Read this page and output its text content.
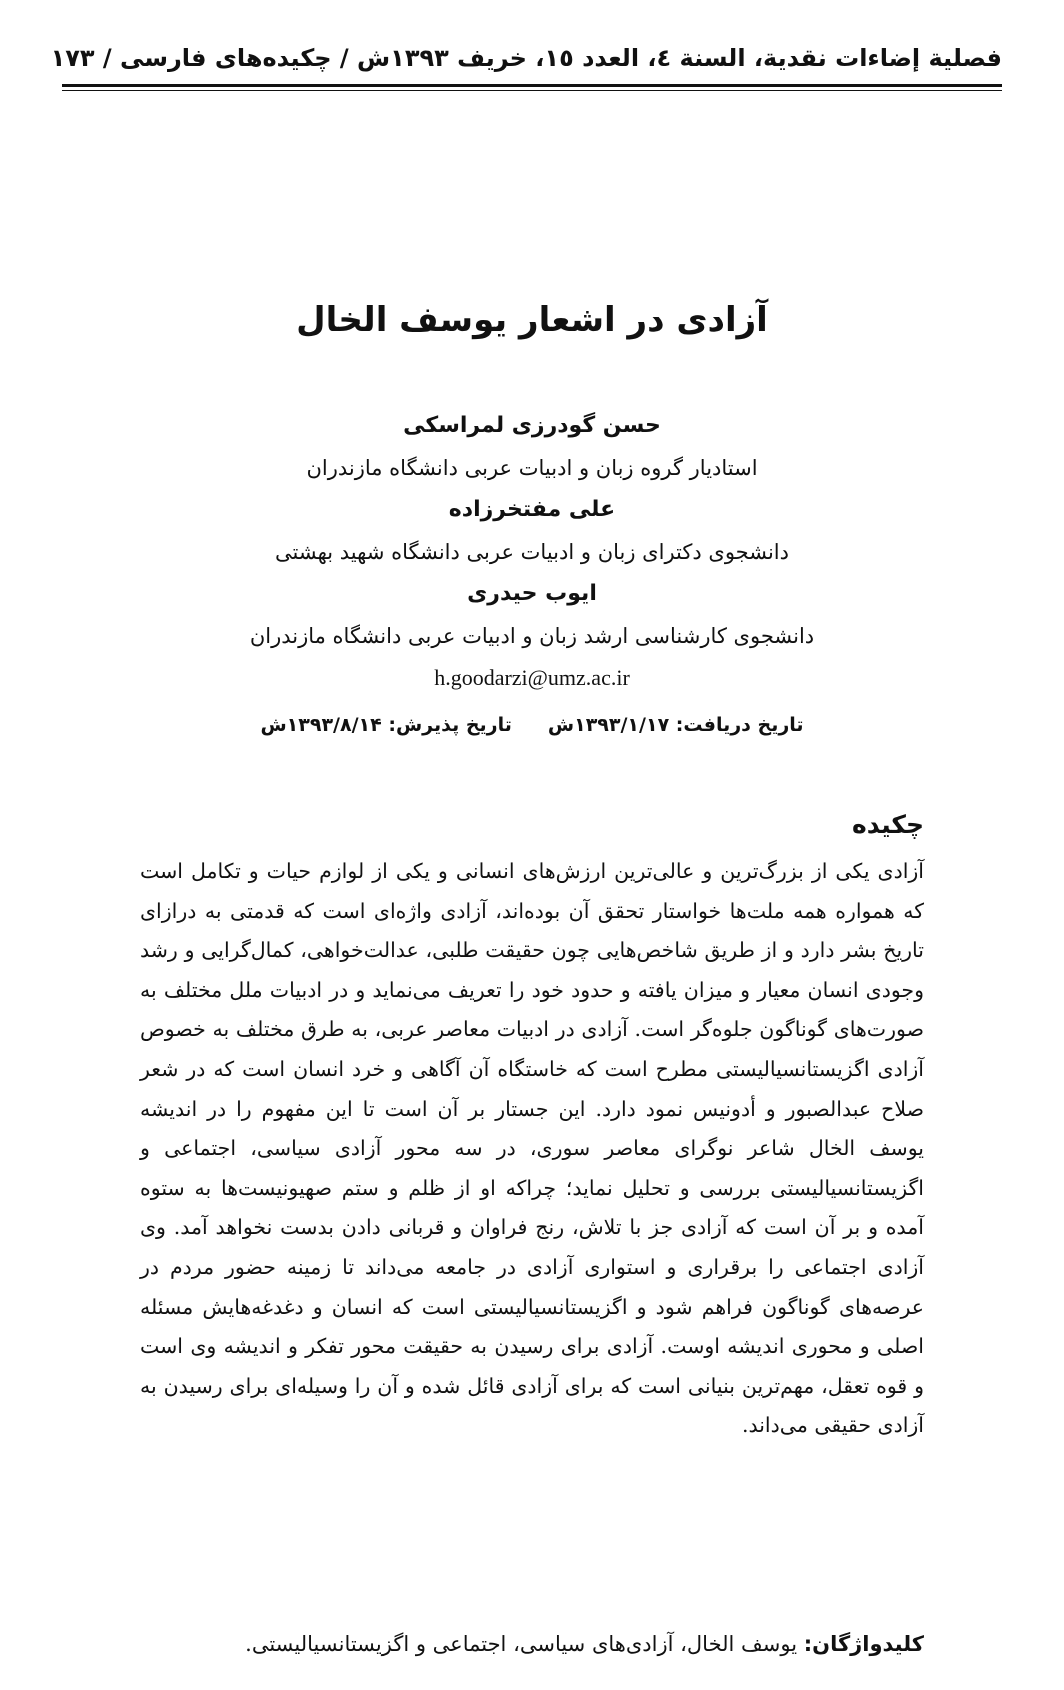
فصلية إضاءات نقدية، السنة ٤، العدد ١٥، خريف ١٣٩٣ش / چکیده‌های فارسی / ١٧٣
آزادی در اشعار یوسف الخال
حسن گودرزی لمراسکی
استادیار گروه زبان و ادبیات عربی دانشگاه مازندران
علی مفتخرزاده
دانشجوی دکترای زبان و ادبیات عربی دانشگاه شهید بهشتی
ایوب حیدری
دانشجوی کارشناسی ارشد زبان و ادبیات عربی دانشگاه مازندران
h.goodarzi@umz.ac.ir
تاریخ دریافت: ۱۳۹۳/۱/۱۷شتاریخ پذیرش: ۱۳۹۳/۸/۱۴ش
چکیده
آزادی یکی از بزرگ‌ترین و عالی‌ترین ارزش‌های انسانی و یکی از لوازم حیات و تکامل است که همواره همه ملت‌ها خواستار تحقق آن بوده‌اند، آزادی واژه‌ای است که قدمتی به درازای تاریخ بشر دارد و از طریق شاخص‌هایی چون حقیقت طلبی، عدالت‌خواهی، کمال‌گرایی و رشد وجودی انسان معیار و میزان یافته و حدود خود را تعریف می‌نماید و در ادبیات ملل مختلف به صورت‌های گوناگون جلوه‌گر است. آزادی در ادبیات معاصر عربی، به طرق مختلف به خصوص آزادی اگزیستانسیالیستی مطرح است که خاستگاه آن آگاهی و خرد انسان است که در شعر صلاح عبدالصبور و أدونیس نمود دارد. این جستار بر آن است تا این مفهوم را در اندیشه یوسف الخال شاعر نوگرای معاصر سوری، در سه محور آزادی سیاسی، اجتماعی و اگزیستانسیالیستی بررسی و تحلیل نماید؛ چراکه او از ظلم و ستم صهیونیست‌ها به ستوه آمده و بر آن است که آزادی جز با تلاش، رنج فراوان و قربانی دادن بدست نخواهد آمد. وی آزادی اجتماعی را برقراری و استواری آزادی در جامعه می‌داند تا زمینه حضور مردم در عرصه‌های گوناگون فراهم شود و اگزیستانسیالیستی است که انسان و دغدغه‌هایش مسئله اصلی و محوری اندیشه اوست. آزادی برای رسیدن به حقیقت محور تفکر و اندیشه وی است و قوه تعقل، مهم‌ترین بنیانی است که برای آزادی قائل شده و آن را وسیله‌ای برای رسیدن به آزادی حقیقی می‌داند.
کلیدواژگان: یوسف الخال، آزادی‌های سیاسی، اجتماعی و اگزیستانسیالیستی.
